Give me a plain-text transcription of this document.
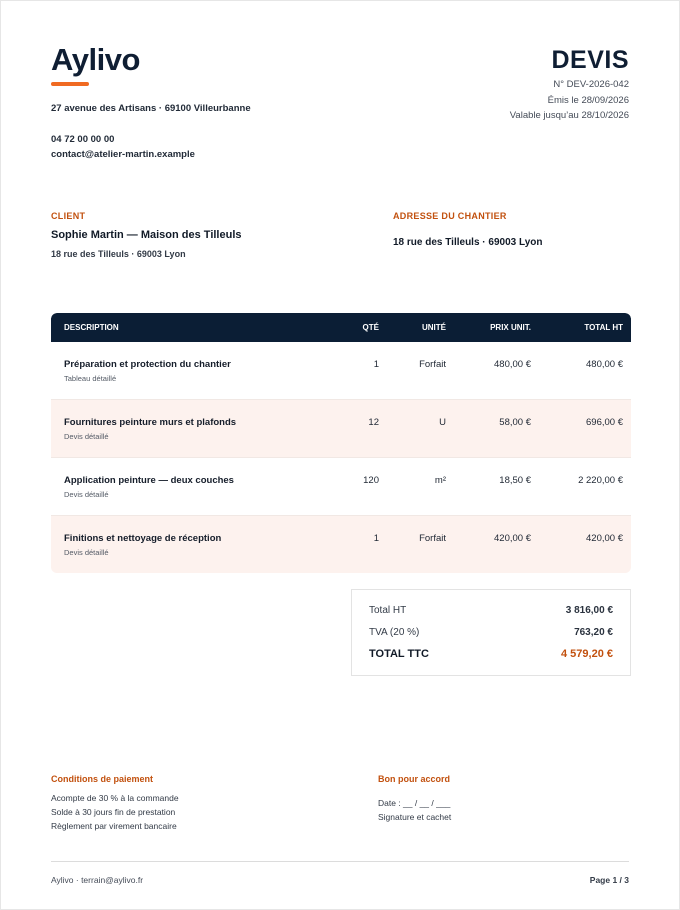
Aylivo
27 avenue des Artisans · 69100 Villeurbanne
04 72 00 00 00
contact@atelier-martin.example
DEVIS
N° DEV-2026-042
Émis le 28/09/2026
Valable jusqu’au 28/10/2026
CLIENT
Sophie Martin — Maison des Tilleuls
18 rue des Tilleuls · 69003 Lyon
ADRESSE DU CHANTIER
18 rue des Tilleuls · 69003 Lyon
DESCRIPTION	QTÉ	UNITÉ	PRIX UNIT.	TOTAL HT
Préparation et protection du chantier
Tableau détaillé
1	Forfait	480,00 €	480,00 €
Fournitures peinture murs et plafonds
Devis détaillé
12	U	58,00 €	696,00 €
Application peinture — deux couches
Devis détaillé
120	m²	18,50 €	2 220,00 €
Finitions et nettoyage de réception
Devis détaillé
1	Forfait	420,00 €	420,00 €
Total HT	3 816,00 €
TVA (20 %)	763,20 €
TOTAL TTC	4 579,20 €
Conditions de paiement
Acompte de 30 % à la commande
Solde à 30 jours fin de prestation
Règlement par virement bancaire
Bon pour accord
Date : __ / __ / ___
Signature et cachet
Aylivo · terrain@aylivo.fr	Page 1 / 3
